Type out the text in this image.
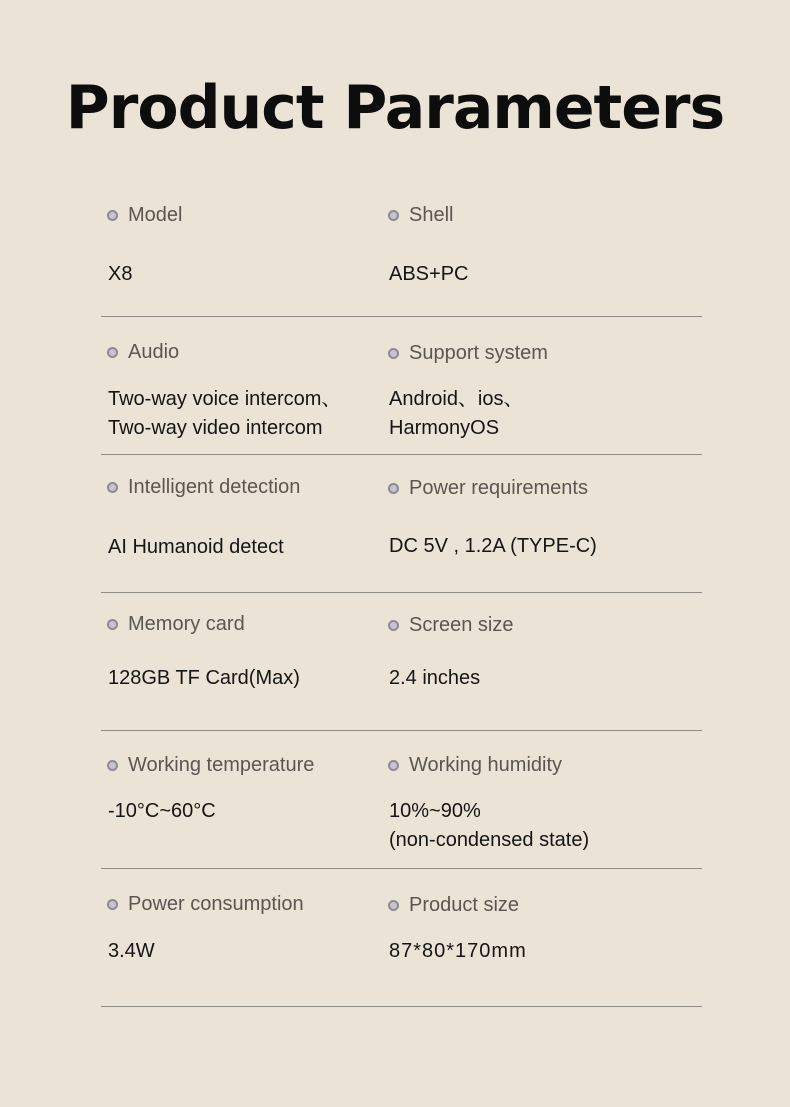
Product Parameters
Model
X8
Shell
ABS+PC
Audio
Two-way voice intercom、
Two-way video intercom
Support system
Android、ios、
HarmonyOS
Intelligent detection
AI Humanoid detect
Power requirements
DC 5V , 1.2A (TYPE-C)
Memory card
128GB TF Card(Max)
Screen size
2.4 inches
Working temperature
-10°C~60°C
Working humidity
10%~90%
(non-condensed state)
Power consumption
3.4W
Product size
87*80*170mm
